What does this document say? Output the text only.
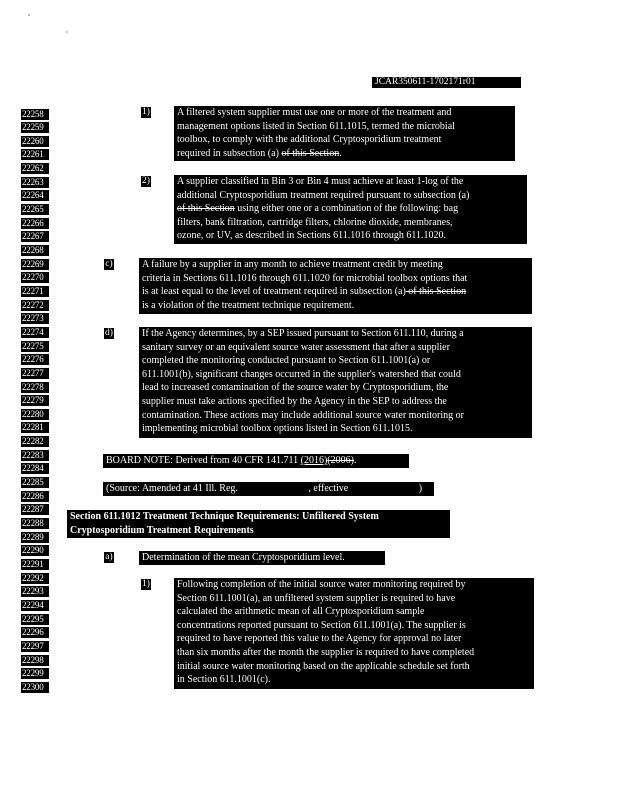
JCAR350611-1702171r01
22258
22259
22260
22261
22262
22263
22264
22265
22266
22267
22268
22269
22270
22271
22272
22273
22274
22275
22276
22277
22278
22279
22280
22281
22282
22283
22284
22285
22286
22287
22288
22289
22290
22291
22292
22293
22294
22295
22296
22297
22298
22299
22300
1)	A filtered system supplier must use one or more of the treatment and
management options listed in Section 611.1015, termed the microbial
toolbox, to comply with the additional Cryptosporidium treatment
required in subsection (a) of this Section.
2)	A supplier classified in Bin 3 or Bin 4 must achieve at least 1-log of the
additional Cryptosporidium treatment required pursuant to subsection (a)
of this Section using either one or a combination of the following: bag
filters, bank filtration, cartridge filters, chlorine dioxide, membranes,
ozone, or UV, as described in Sections 611.1016 through 611.1020.
c)	A failure by a supplier in any month to achieve treatment credit by meeting
criteria in Sections 611.1016 through 611.1020 for microbial toolbox options that
is at least equal to the level of treatment required in subsection (a) of this Section
is a violation of the treatment technique requirement.
d)	If the Agency determines, by a SEP issued pursuant to Section 611.110, during a
sanitary survey or an equivalent source water assessment that after a supplier
completed the monitoring conducted pursuant to Section 611.1001(a) or
611.1001(b), significant changes occurred in the supplier's watershed that could
lead to increased contamination of the source water by Cryptosporidium, the
supplier must take actions specified by the Agency in the SEP to address the
contamination. These actions may include additional source water monitoring or
implementing microbial toolbox options listed in Section 611.1015.
BOARD NOTE: Derived from 40 CFR 141.711 (2016)(2006).
(Source: Amended at 41 Ill. Reg.	, effective	)
Section 611.1012 Treatment Technique Requirements: Unfiltered System
Cryptosporidium Treatment Requirements
a)	Determination of the mean Cryptosporidium level.
1)	Following completion of the initial source water monitoring required by
Section 611.1001(a), an unfiltered system supplier is required to have
calculated the arithmetic mean of all Cryptosporidium sample
concentrations reported pursuant to Section 611.1001(a). The supplier is
required to have reported this value to the Agency for approval no later
than six months after the month the supplier is required to have completed
initial source water monitoring based on the applicable schedule set forth
in Section 611.1001(c).
